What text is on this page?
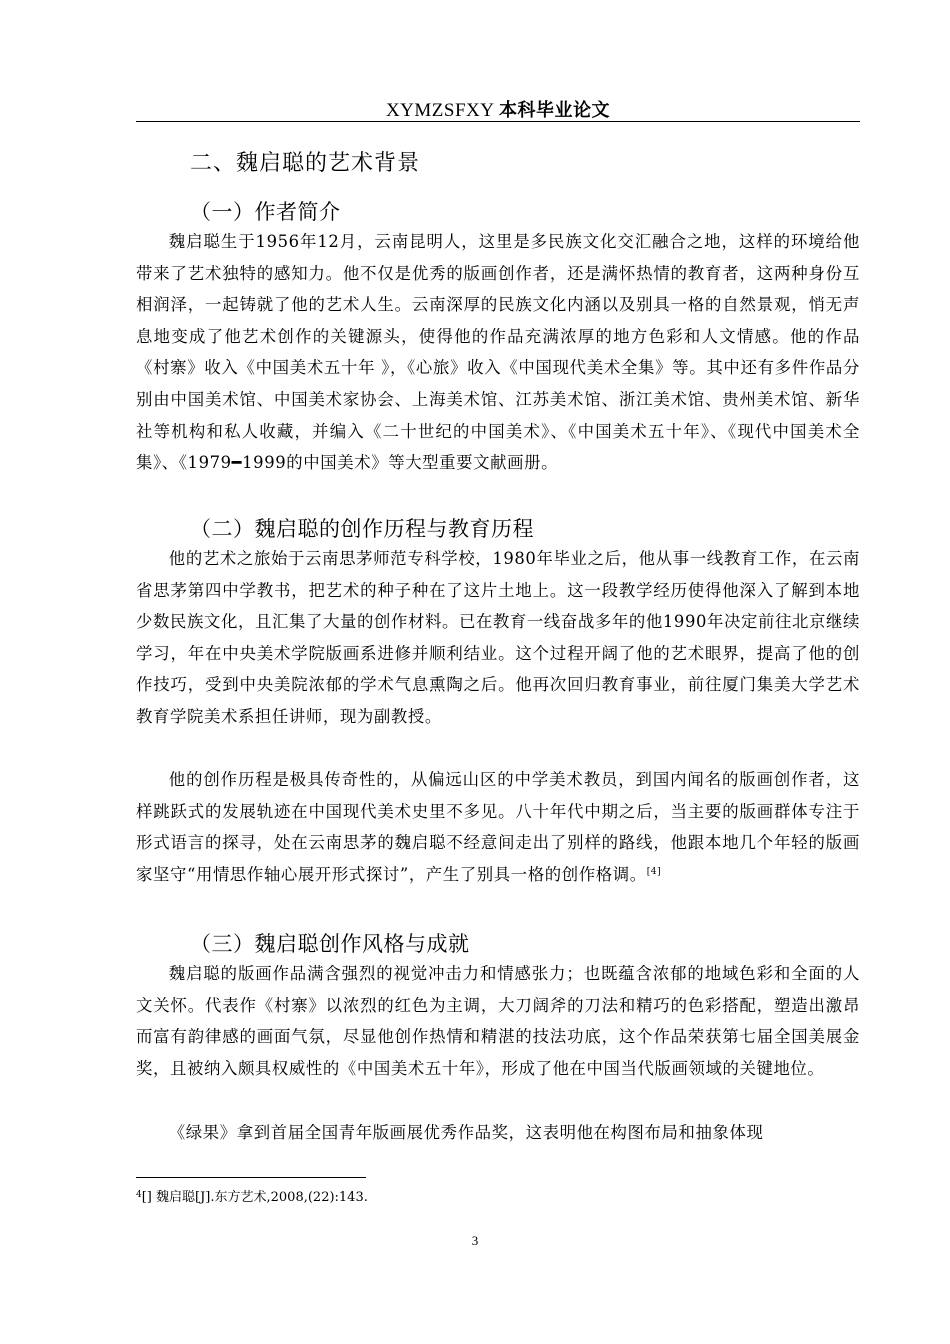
XYMZSFXY 本科毕业论文
二、魏启聪的艺术背景
（一）作者简介
魏启聪生于1956年12月，云南昆明人，这里是多民族文化交汇融合之地，这样的环境给他带来了艺术独特的感知力。他不仅是优秀的版画创作者，还是满怀热情的教育者，这两种身份互相润泽，一起铸就了他的艺术人生。云南深厚的民族文化内涵以及别具一格的自然景观，悄无声息地变成了他艺术创作的关键源头，使得他的作品充满浓厚的地方色彩和人文情感。他的作品《村寨》收入《中国美术五十年 》，《心旅》收入《中国现代美术全集》等。其中还有多件作品分别由中国美术馆、中国美术家协会、上海美术馆、江苏美术馆、浙江美术馆、贵州美术馆、新华社等机构和私人收藏，并编入《二十世纪的中国美术》、《中国美术五十年》、《现代中国美术全集》、《1979━1999的中国美术》等大型重要文献画册。
（二）魏启聪的创作历程与教育历程
他的艺术之旅始于云南思茅师范专科学校，1980年毕业之后，他从事一线教育工作，在云南省思茅第四中学教书，把艺术的种子种在了这片土地上。这一段教学经历使得他深入了解到本地少数民族文化，且汇集了大量的创作材料。已在教育一线奋战多年的他1990年决定前往北京继续学习，年在中央美术学院版画系进修并顺利结业。这个过程开阔了他的艺术眼界，提高了他的创作技巧，受到中央美院浓郁的学术气息熏陶之后。他再次回归教育事业，前往厦门集美大学艺术教育学院美术系担任讲师，现为副教授。
他的创作历程是极具传奇性的，从偏远山区的中学美术教员，到国内闻名的版画创作者，这样跳跃式的发展轨迹在中国现代美术史里不多见。八十年代中期之后，当主要的版画群体专注于形式语言的探寻，处在云南思茅的魏启聪不经意间走出了别样的路线，他跟本地几个年轻的版画家坚守“用情思作轴心展开形式探讨”，产生了别具一格的创作格调。[4]
（三）魏启聪创作风格与成就
魏启聪的版画作品满含强烈的视觉冲击力和情感张力；也既蕴含浓郁的地域色彩和全面的人文关怀。代表作《村寨》以浓烈的红色为主调，大刀阔斧的刀法和精巧的色彩搭配，塑造出激昂而富有韵律感的画面气氛，尽显他创作热情和精湛的技法功底，这个作品荣获第七届全国美展金奖，且被纳入颇具权威性的《中国美术五十年》，形成了他在中国当代版画领域的关键地位。
《绿果》拿到首届全国青年版画展优秀作品奖，这表明他在构图布局和抽象体现
$^4$[] 魏启聪[J].东方艺术,2008,(22):143.
3
